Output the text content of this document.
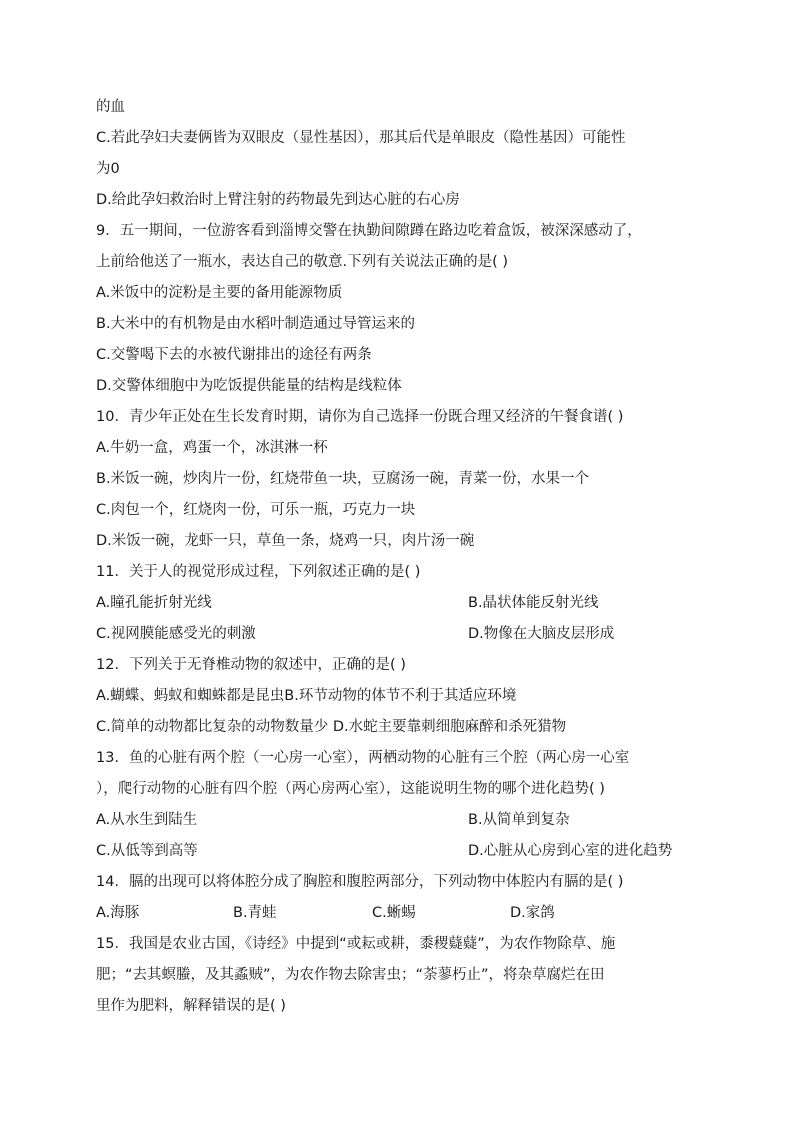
的血
C.若此孕妇夫妻俩皆为双眼皮（显性基因），那其后代是单眼皮（隐性基因）可能性
为0
D.给此孕妇救治时上臂注射的药物最先到达心脏的右心房
9．五一期间，一位游客看到淄博交警在执勤间隙蹲在路边吃着盒饭，被深深感动了，
上前给他送了一瓶水，表达自己的敬意.下列有关说法正确的是( )
A.米饭中的淀粉是主要的备用能源物质
B.大米中的有机物是由水稻叶制造通过导管运来的
C.交警喝下去的水被代谢排出的途径有两条
D.交警体细胞中为吃饭提供能量的结构是线粒体
10．青少年正处在生长发育时期，请你为自己选择一份既合理又经济的午餐食谱( )
A.牛奶一盒，鸡蛋一个，冰淇淋一杯
B.米饭一碗，炒肉片一份，红烧带鱼一块，豆腐汤一碗，青菜一份，水果一个
C.肉包一个，红烧肉一份，可乐一瓶，巧克力一块
D.米饭一碗，龙虾一只，草鱼一条，烧鸡一只，肉片汤一碗
11．关于人的视觉形成过程，下列叙述正确的是( )
A.瞳孔能折射光线	B.晶状体能反射光线
C.视网膜能感受光的刺激	D.物像在大脑皮层形成
12．下列关于无脊椎动物的叙述中，正确的是( )
A.蝴蝶、蚂蚁和蜘蛛都是昆虫B.环节动物的体节不利于其适应环境
C.简单的动物都比复杂的动物数量少 D.水蛇主要靠刺细胞麻醉和杀死猎物
13．鱼的心脏有两个腔（一心房一心室），两栖动物的心脏有三个腔（两心房一心室
），爬行动物的心脏有四个腔（两心房两心室），这能说明生物的哪个进化趋势( )
A.从水生到陆生	B.从简单到复杂
C.从低等到高等	D.心脏从心房到心室的进化趋势
14．膈的出现可以将体腔分成了胸腔和腹腔两部分，下列动物中体腔内有膈的是( )
A.海豚	B.青蛙	C.蜥蜴	D.家鸽
15．我国是农业古国，《诗经》中提到“或耘或耕，黍稷薿薿”，为农作物除草、施
肥；“去其螟螣，及其蟊贼”，为农作物去除害虫；“荼蓼朽止”，将杂草腐烂在田
里作为肥料，解释错误的是( )
